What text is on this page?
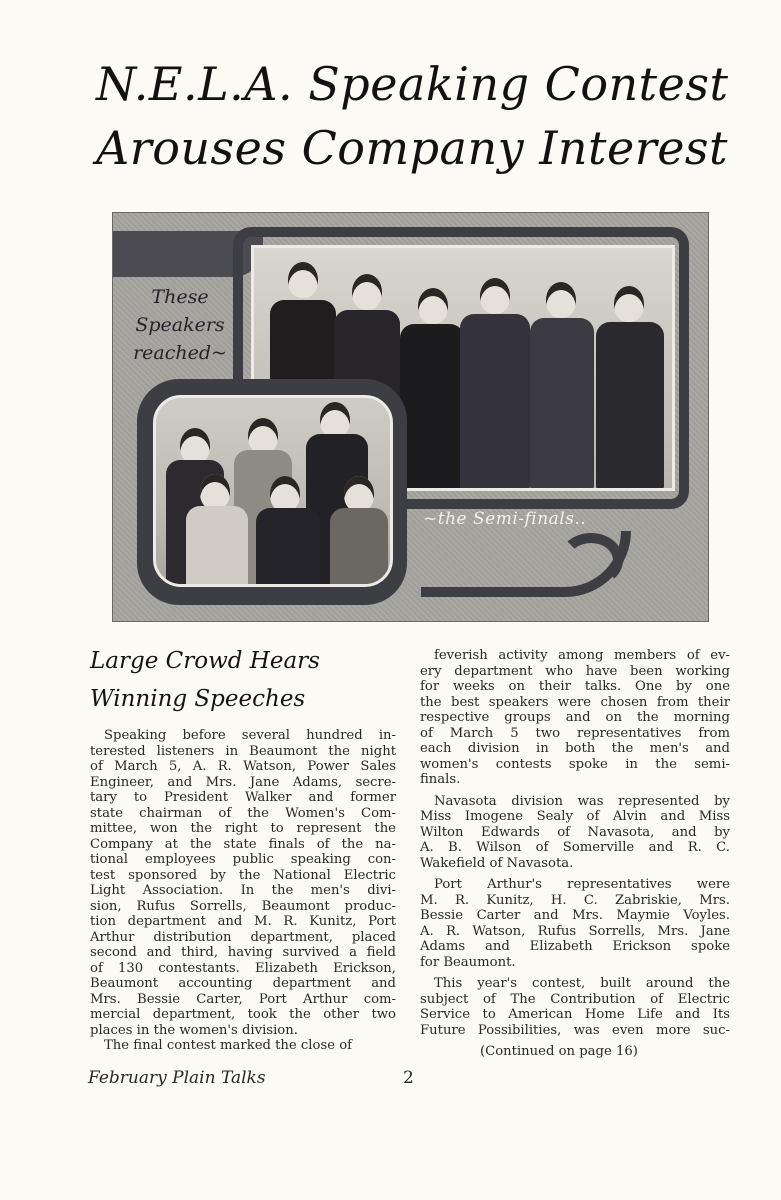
N.E.L.A. Speaking Contest
Arouses Company Interest
These
Speakers
reached~
~the Semi-finals..
Large Crowd Hears
Winning Speeches
Speaking before several hundred in-
terested listeners in Beaumont the night
of March 5, A. R. Watson, Power Sales
Engineer, and Mrs. Jane Adams, secre-
tary to President Walker and former
state chairman of the Women's Com-
mittee, won the right to represent the
Company at the state finals of the na-
tional employees public speaking con-
test sponsored by the National Electric
Light Association. In the men's divi-
sion, Rufus Sorrells, Beaumont produc-
tion department and M. R. Kunitz, Port
Arthur distribution department, placed
second and third, having survived a field
of 130 contestants. Elizabeth Erickson,
Beaumont accounting department and
Mrs. Bessie Carter, Port Arthur com-
mercial department, took the other two
places in the women's division.
The final contest marked the close of
feverish activity among members of ev-
ery department who have been working
for weeks on their talks. One by one
the best speakers were chosen from their
respective groups and on the morning
of March 5 two representatives from
each division in both the men's and
women's contests spoke in the semi-
finals.
Navasota division was represented by
Miss Imogene Sealy of Alvin and Miss
Wilton Edwards of Navasota, and by
A. B. Wilson of Somerville and R. C.
Wakefield of Navasota.
Port Arthur's representatives were
M. R. Kunitz, H. C. Zabriskie, Mrs.
Bessie Carter and Mrs. Maymie Voyles.
A. R. Watson, Rufus Sorrells, Mrs. Jane
Adams and Elizabeth Erickson spoke
for Beaumont.
This year's contest, built around the
subject of The Contribution of Electric
Service to American Home Life and Its
Future Possibilities, was even more suc-
(Continued on page 16)
February Plain Talks	2
